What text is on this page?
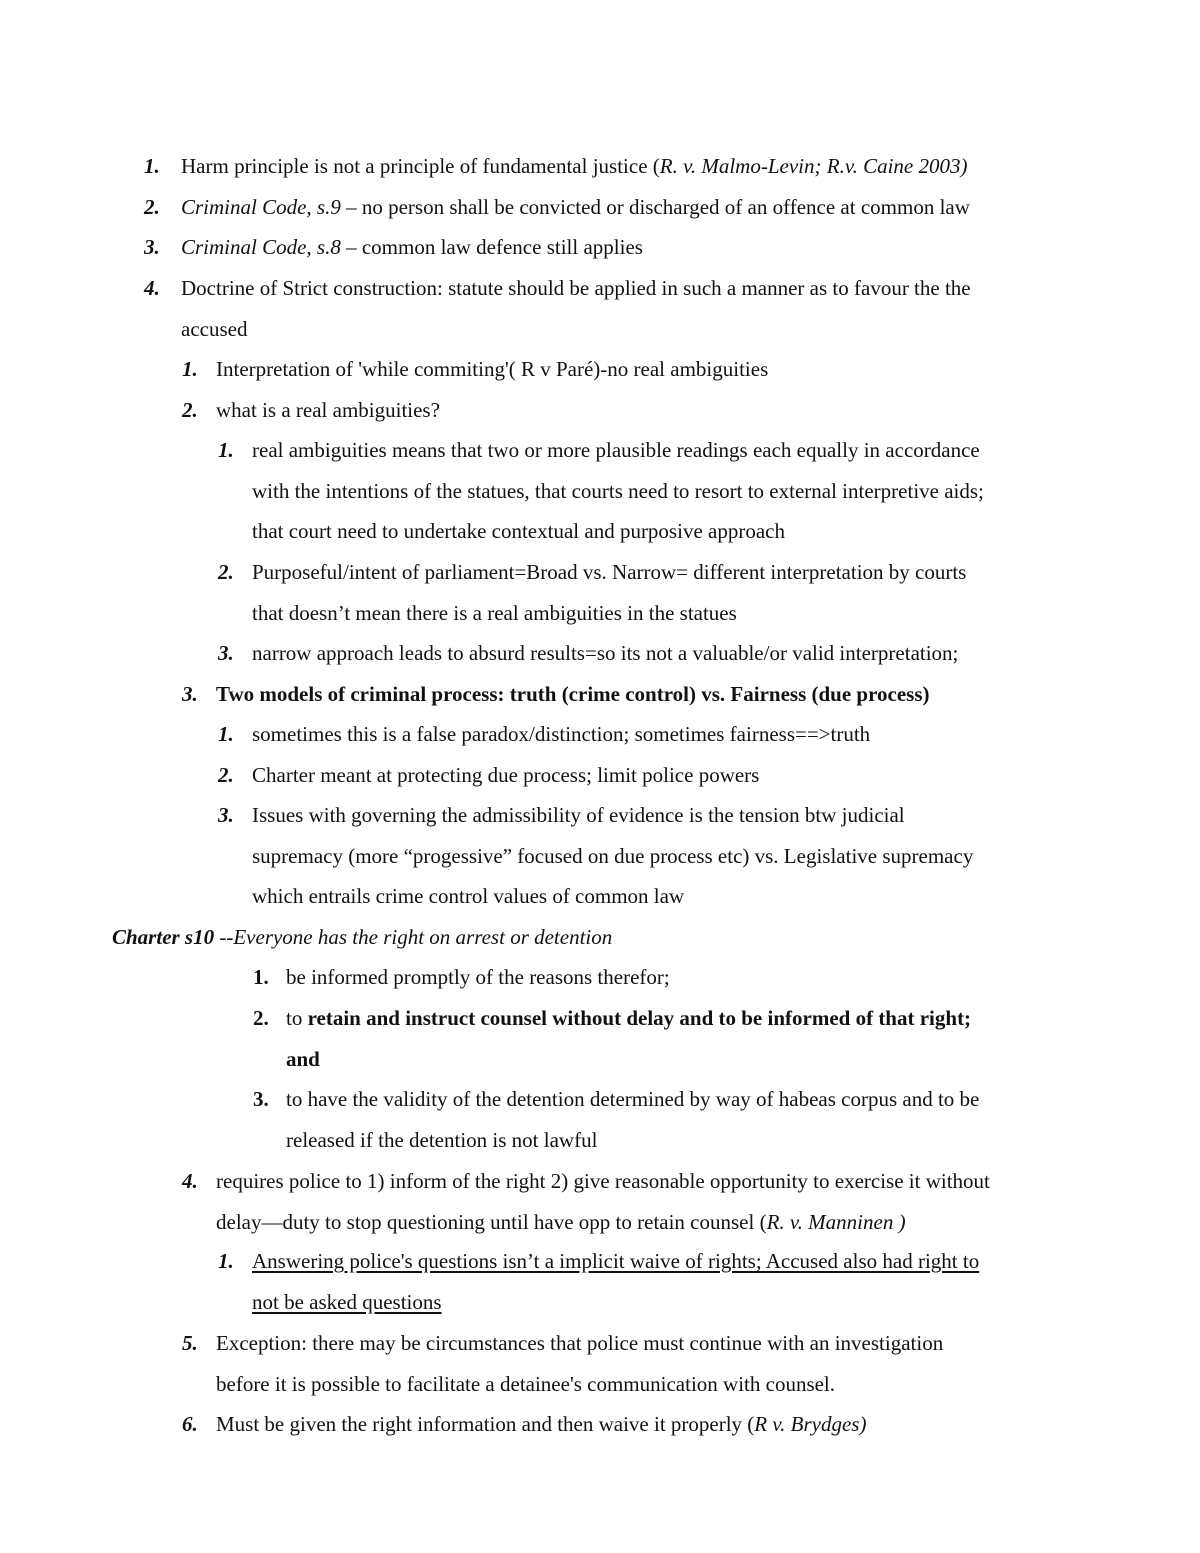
1. Harm principle is not a principle of fundamental justice (R. v. Malmo-Levin; R.v. Caine 2003)
2. Criminal Code, s.9 – no person shall be convicted or discharged of an offence at common law
3. Criminal Code, s.8 – common law defence still applies
4. Doctrine of Strict construction: statute should be applied in such a manner as to favour the the
accused
1. Interpretation of 'while commiting'( R v Paré)-no real ambiguities
2. what is a real ambiguities?
1. real ambiguities means that two or more plausible readings each equally in accordance
with the intentions of the statues, that courts need to resort to external interpretive aids;
that court need to undertake contextual and purposive approach
2. Purposeful/intent of parliament=Broad vs. Narrow= different interpretation by courts
that doesn’t mean there is a real ambiguities in the statues
3. narrow approach leads to absurd results=so its not a valuable/or valid interpretation;
3. Two models of criminal process: truth (crime control) vs. Fairness (due process)
1. sometimes this is a false paradox/distinction; sometimes fairness==>truth
2. Charter meant at protecting due process; limit police powers
3. Issues with governing the admissibility of evidence is the tension btw judicial
supremacy (more “progessive” focused on due process etc) vs. Legislative supremacy
which entrails crime control values of common law
Charter s10 --Everyone has the right on arrest or detention
1. be informed promptly of the reasons therefor;
2. to retain and instruct counsel without delay and to be informed of that right;
and
3. to have the validity of the detention determined by way of habeas corpus and to be
released if the detention is not lawful
4. requires police to 1) inform of the right 2) give reasonable opportunity to exercise it without
delay—duty to stop questioning until have opp to retain counsel (R. v. Manninen )
1. Answering police's questions isn’t a implicit waive of rights; Accused also had right to
not be asked questions
5. Exception: there may be circumstances that police must continue with an investigation
before it is possible to facilitate a detainee's communication with counsel.
6. Must be given the right information and then waive it properly (R v. Brydges)
